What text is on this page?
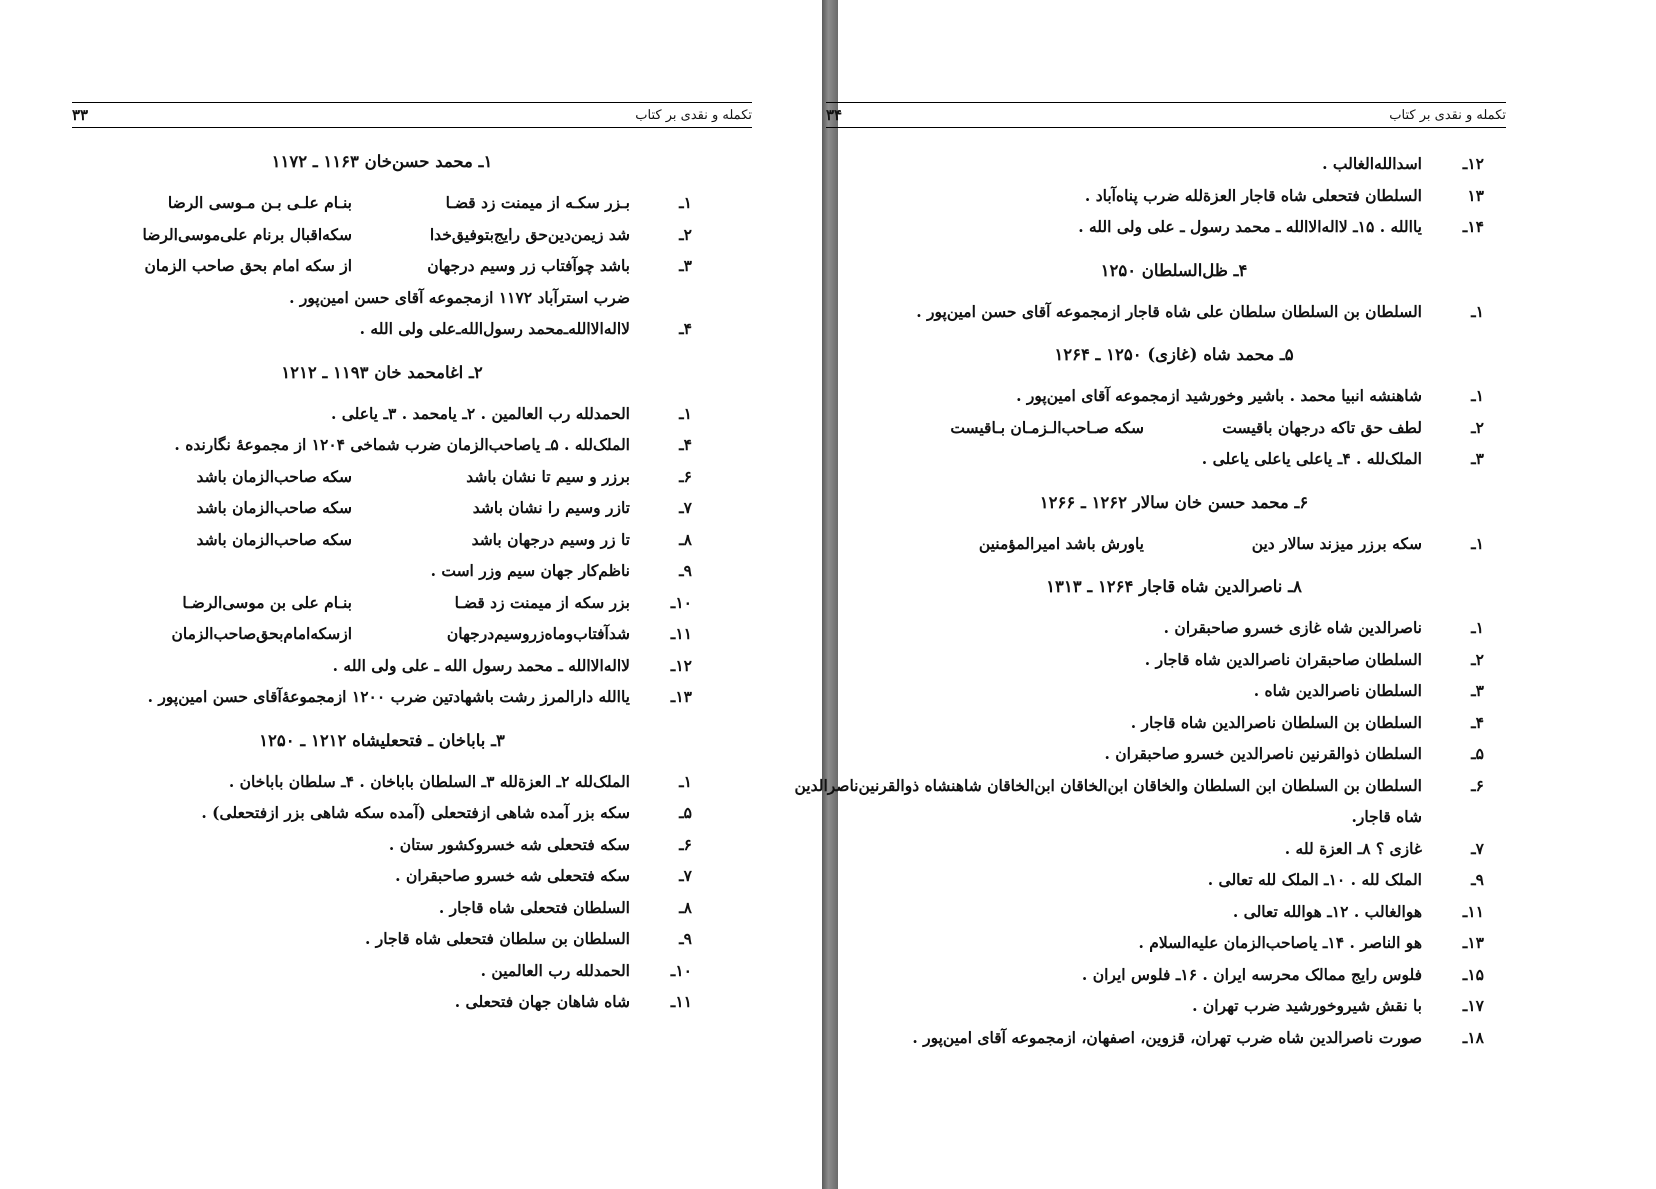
تکمله و نقدی بر کتاب
۳۳
۱ـ محمد حسن‌خان ۱۱۶۳ ـ ۱۱۷۲
۱ـ
بـزر سکـه از میمنت زد قضـا
بنـام علـی بـن مـوسی الرضا
۲ـ
شد زیمن‌دین‌حق رایج‌بتوفیق‌خدا
سکه‌اقبال برنام علی‌موسی‌الرضا
۳ـ
باشد چوآفتاب زر وسیم درجهان
از سکه امام بحق صاحب الزمان
ضرب استرآباد ۱۱۷۲ ازمجموعه آقای حسن امین‌پور .
۴ـ
لااله‌الاالله‌ـ‌محمد رسول‌الله‌ـ‌علی ولی الله .
۲ـ اغامحمد خان ۱۱۹۳ ـ ۱۲۱۲
۱ـ
الحمدلله رب العالمین . ۲ـ یامحمد . ۳ـ یاعلی .
۴ـ
الملک‌لله . ۵ـ یاصاحب‌الزمان ضرب شماخی ۱۲۰۴ از مجموعهٔ نگارنده .
۶ـ
برزر و سیم تا نشان باشد
سکه صاحب‌الزمان باشد
۷ـ
تازر وسیم را نشان باشد
سکه صاحب‌الزمان باشد
۸ـ
تا زر وسیم درجهان باشد
سکه صاحب‌الزمان باشد
۹ـ
ناظم‌کار جهان سیم وزر است .
۱۰ـ
بزر سکه از میمنت زد قضـا
بنـام علی بن موسی‌الرضـا
۱۱ـ
شدآفتاب‌وماه‌زروسیم‌درجهان
ازسکه‌امام‌بحق‌صاحب‌الزمان
۱۲ـ
لااله‌الاالله ـ محمد رسول الله ـ علی ولی الله .
۱۳ـ
یاالله دارالمرز رشت باشهادتین ضرب ۱۲۰۰ ازمجموعهٔ‌آقای حسن امین‌پور .
۳ـ باباخان ـ فتحعلیشاه ۱۲۱۲ ـ ۱۲۵۰
۱ـ
الملک‌لله ۲ـ العزةلله ۳ـ السلطان باباخان . ۴ـ سلطان باباخان .
۵ـ
سکه بزر آمده شاهی ازفتحعلی (آمده سکه شاهی بزر ازفتحعلی) .
۶ـ
سکه فتحعلی شه خسروکشور ستان .
۷ـ
سکه فتحعلی شه خسرو صاحبقران .
۸ـ
السلطان فتحعلی شاه قاجار .
۹ـ
السلطان بن سلطان فتحعلی شاه قاجار .
۱۰ـ
الحمدلله رب العالمین .
۱۱ـ
شاه شاهان جهان فتحعلی .
تکمله و نقدی بر کتاب
۳۴
۱۲ـ
اسدالله‌الغالب .
۱۳
السلطان فتحعلی شاه قاجار العزةلله ضرب پناه‌آباد .
۱۴ـ
یاالله . ۱۵ـ لااله‌الاالله ـ محمد رسول ـ علی ولی الله .
۴ـ ظل‌السلطان ۱۲۵۰
۱ـ
السلطان بن السلطان سلطان علی شاه قاجار ازمجموعه آقای حسن امین‌پور .
۵ـ محمد شاه (غازی) ۱۲۵۰ ـ ۱۲۶۴
۱ـ
شاهنشه انبیا محمد . باشیر وخورشید ازمجموعه آقای امین‌پور .
۲ـ
لطف حق تاکه درجهان باقیست
سکه صـاحب‌الـزمـان بـاقیست
۳ـ
الملک‌لله . ۴ـ یاعلی یاعلی یاعلی .
۶ـ محمد حسن خان سالار ۱۲۶۲ ـ ۱۲۶۶
۱ـ
سکه برزر میزند سالار دین
یاورش باشد امیرالمؤمنین
۸ـ ناصرالدین شاه قاجار ۱۲۶۴ ـ ۱۳۱۳
۱ـ
ناصرالدین شاه غازی خسرو صاحبقران .
۲ـ
السلطان صاحبقران ناصرالدین شاه قاجار .
۳ـ
السلطان ناصرالدین شاه .
۴ـ
السلطان بن السلطان ناصرالدین شاه قاجار .
۵ـ
السلطان ذوالقرنین ناصرالدین خسرو صاحبقران .
۶ـ
السلطان بن السلطان ابن السلطان والخاقان ابن‌الخاقان ابن‌الخاقان شاهنشاه ذوالقرنین‌ناصرالدین
شاه قاجار.
۷ـ
غازی ؟ ۸ـ العزة لله .
۹ـ
الملک لله . ۱۰ـ الملک لله تعالی .
۱۱ـ
هوالغالب . ۱۲ـ هوالله تعالی .
۱۳ـ
هو الناصر . ۱۴ـ یاصاحب‌الزمان علیه‌السلام .
۱۵ـ
فلوس رایج ممالک محرسه ایران . ۱۶ـ فلوس ایران .
۱۷ـ
با نقش شیروخورشید ضرب تهران .
۱۸ـ
صورت ناصرالدین شاه ضرب تهران، قزوین، اصفهان، ازمجموعه آقای امین‌پور .
